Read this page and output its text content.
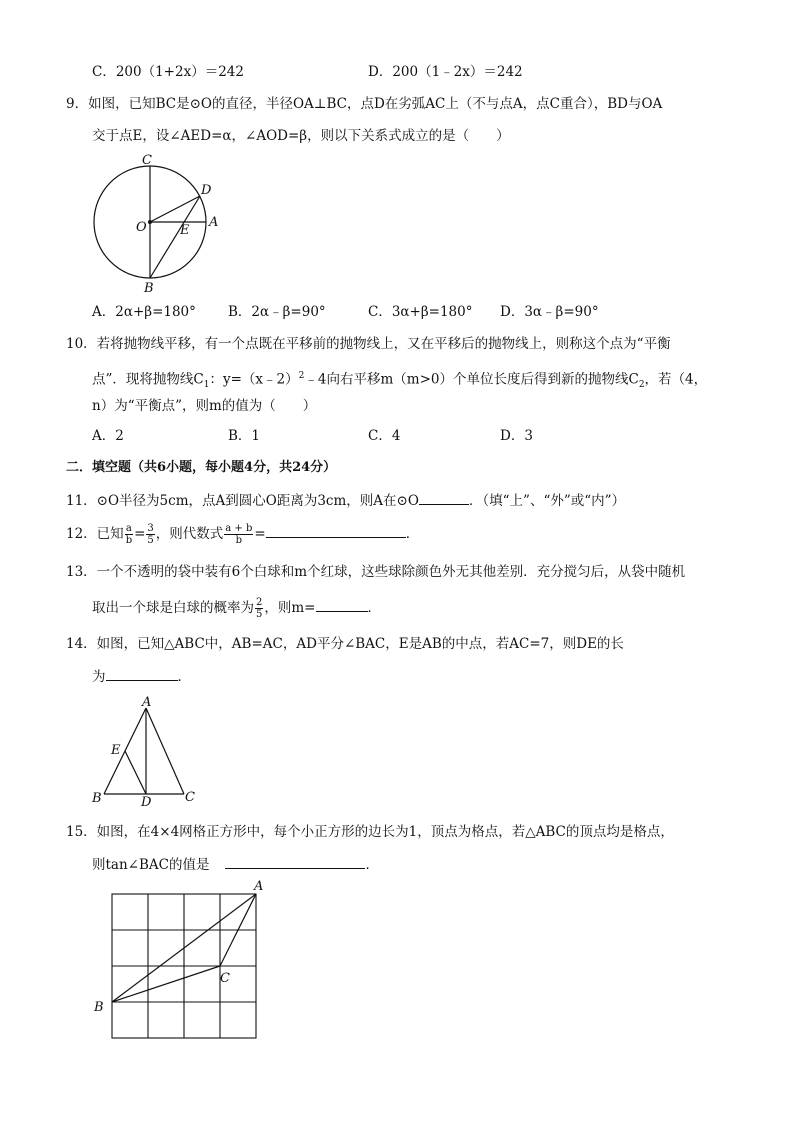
C．200（1+2x）＝242	D．200（1﹣2x）＝242
9．如图，已知BC是⊙O的直径，半径OA⊥BC，点D在劣弧AC上（不与点A，点C重合），BD与OA
交于点E，设∠AED=α，∠AOD=β，则以下关系式成立的是（　　）
C
D
O	E
A
B
A．2α+β=180° B．2α﹣β=90°	C．3α+β=180° D．3α﹣β=90°
10．若将抛物线平移，有一个点既在平移前的抛物线上，又在平移后的抛物线上，则称这个点为“平衡
点”．现将抛物线$C_1$：y=（x﹣2）$^2$﹣4向右平移m（m>0）个单位长度后得到新的抛物线$C_2$，若（4，
n）为“平衡点”，则m的值为（　　）
A．2	B．1	C．4	D．3
二．填空题（共6小题，每小题4分，共24分）
11．⊙O半径为5cm，点A到圆心O距离为3cm，则A在⊙O	．（填“上”、“外”或“内”）
12．已知 $\frac{a}{b} = \frac{3}{5}$ ，则代数式 $\frac{a + b}{b}$ =	．
13．一个不透明的袋中装有6个白球和m个红球，这些球除颜色外无其他差别．充分搅匀后，从袋中随机
取出一个球是白球的概率为 $\frac{2}{5}$ ，则m=	．
14．如图，已知△ABC中，AB=AC，AD平分∠BAC，E是AB的中点，若AC=7，则DE的长
为	．
A
E
B	D	C
15．如图，在4×4网格正方形中，每个小正方形的边长为1，顶点为格点，若△ABC的顶点均是格点，
则tan∠BAC的值是	．
A
B
C
